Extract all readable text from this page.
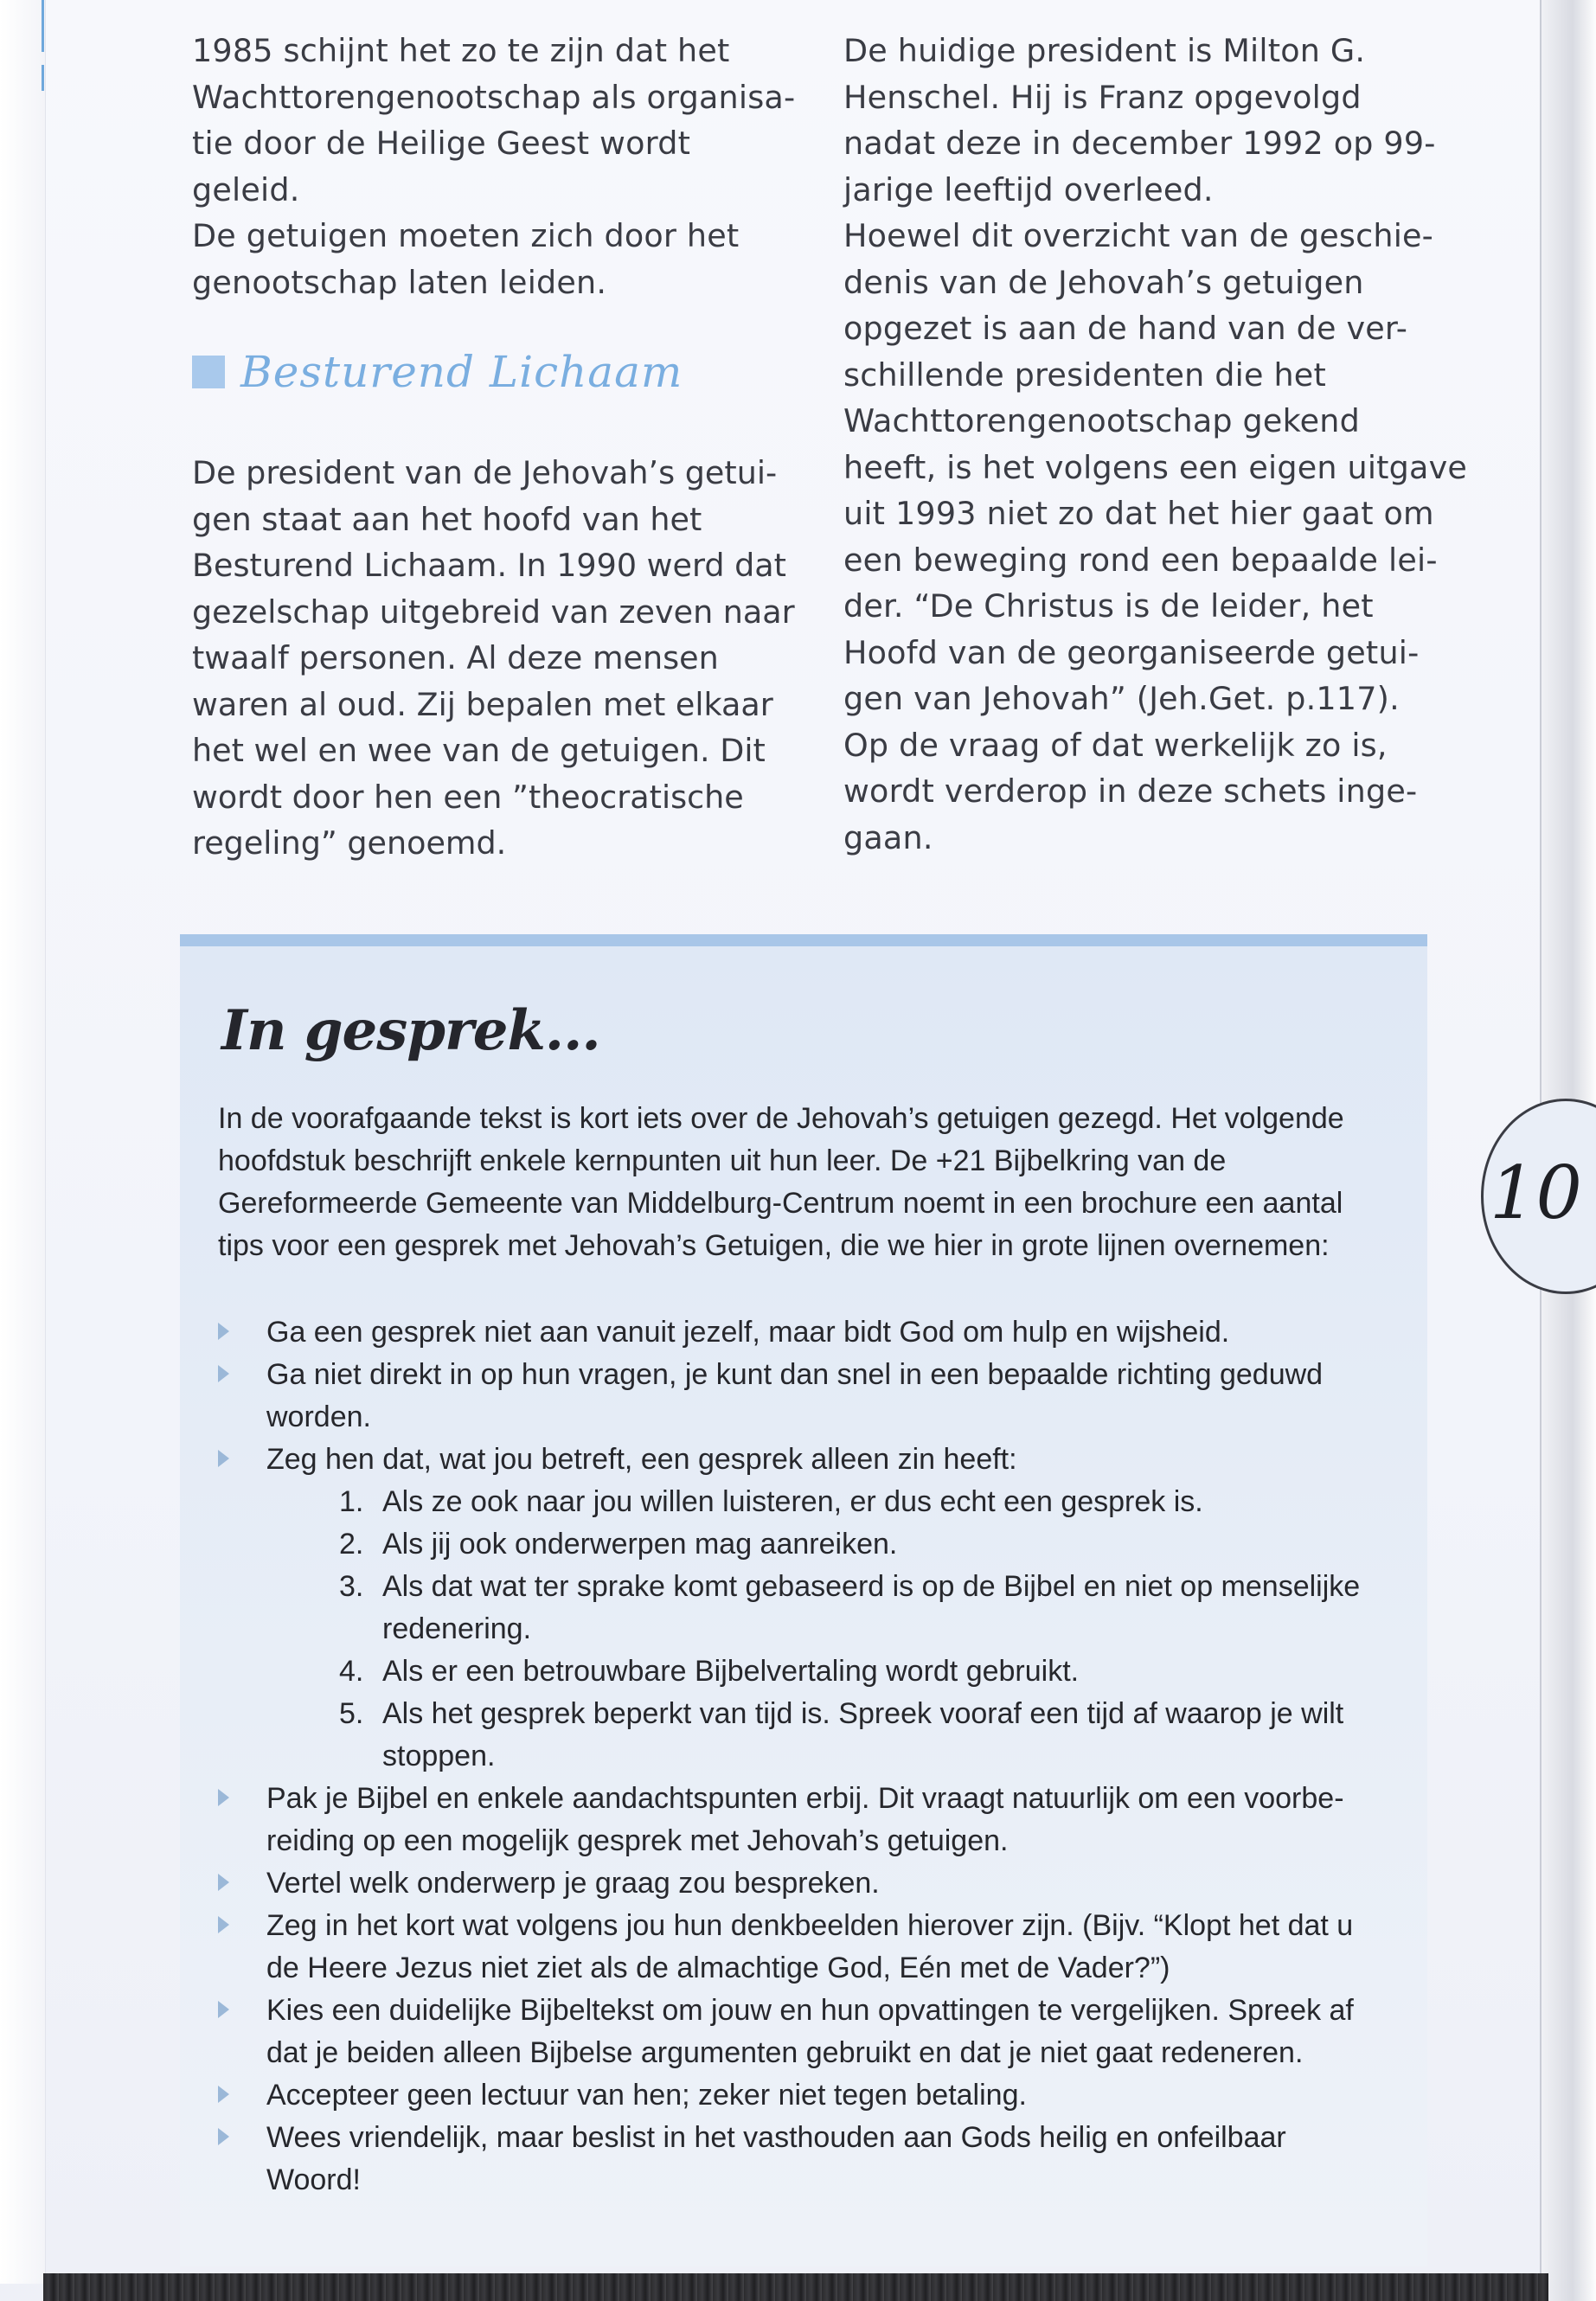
1985 schijnt het zo te zijn dat het

Wachttorengenootschap als organisa-

tie door de Heilige Geest wordt geleid.

De getuigen moeten zich door het

genootschap laten leiden.

Besturend Lichaam

De president van de Jehovah’s getui-

gen staat aan het hoofd van het

Besturend Lichaam. In 1990 werd dat

gezelschap uitgebreid van zeven naar

twaalf personen. Al deze mensen

waren al oud. Zij bepalen met elkaar

het wel en wee van de getuigen. Dit

wordt door hen een ”theocratische

regeling” genoemd.

De huidige president is Milton G.

Henschel. Hij is Franz opgevolgd

nadat deze in december 1992 op 99-

jarige leeftijd overleed.

Hoewel dit overzicht van de geschie-

denis van de Jehovah’s getuigen

opgezet is aan de hand van de ver-

schillende presidenten die het

Wachttorengenootschap gekend

heeft, is het volgens een eigen uitgave

uit 1993 niet zo dat het hier gaat om

een beweging rond een bepaalde lei-

der. “De Christus is de leider, het

Hoofd van de georganiseerde getui-

gen van Jehovah” (Jeh.Get. p.117).

Op de vraag of dat werkelijk zo is,

wordt verderop in deze schets inge-

gaan.

In gesprek...

In de voorafgaande tekst is kort iets over de Jehovah’s getuigen gezegd. Het volgende

hoofdstuk beschrijft enkele kernpunten uit hun leer. De +21 Bijbelkring van de

Gereformeerde Gemeente van Middelburg-Centrum noemt in een brochure een aantal

tips voor een gesprek met Jehovah’s Getuigen, die we hier in grote lijnen overnemen:

Ga een gesprek niet aan vanuit jezelf, maar bidt God om hulp en wijsheid.
Ga niet direkt in op hun vragen, je kunt dan snel in een bepaalde richting geduwd
worden.
Zeg hen dat, wat jou betreft, een gesprek alleen zin heeft:
1. Als ze ook naar jou willen luisteren, er dus echt een gesprek is.
2. Als jij ook onderwerpen mag aanreiken.
3. Als dat wat ter sprake komt gebaseerd is op de Bijbel en niet op menselijke
redenering.
4. Als er een betrouwbare Bijbelvertaling wordt gebruikt.
5. Als het gesprek beperkt van tijd is. Spreek vooraf een tijd af waarop je wilt
stoppen.
Pak je Bijbel en enkele aandachtspunten erbij. Dit vraagt natuurlijk om een voorbe-
reiding op een mogelijk gesprek met Jehovah’s getuigen.
Vertel welk onderwerp je graag zou bespreken.
Zeg in het kort wat volgens jou hun denkbeelden hierover zijn. (Bijv. “Klopt het dat u
de Heere Jezus niet ziet als de almachtige God, Eén met de Vader?”)
Kies een duidelijke Bijbeltekst om jouw en hun opvattingen te vergelijken. Spreek af
dat je beiden alleen Bijbelse argumenten gebruikt en dat je niet gaat redeneren.
Accepteer geen lectuur van hen; zeker niet tegen betaling.
Wees vriendelijk, maar beslist in het vasthouden aan Gods heilig en onfeilbaar
Woord!
10
